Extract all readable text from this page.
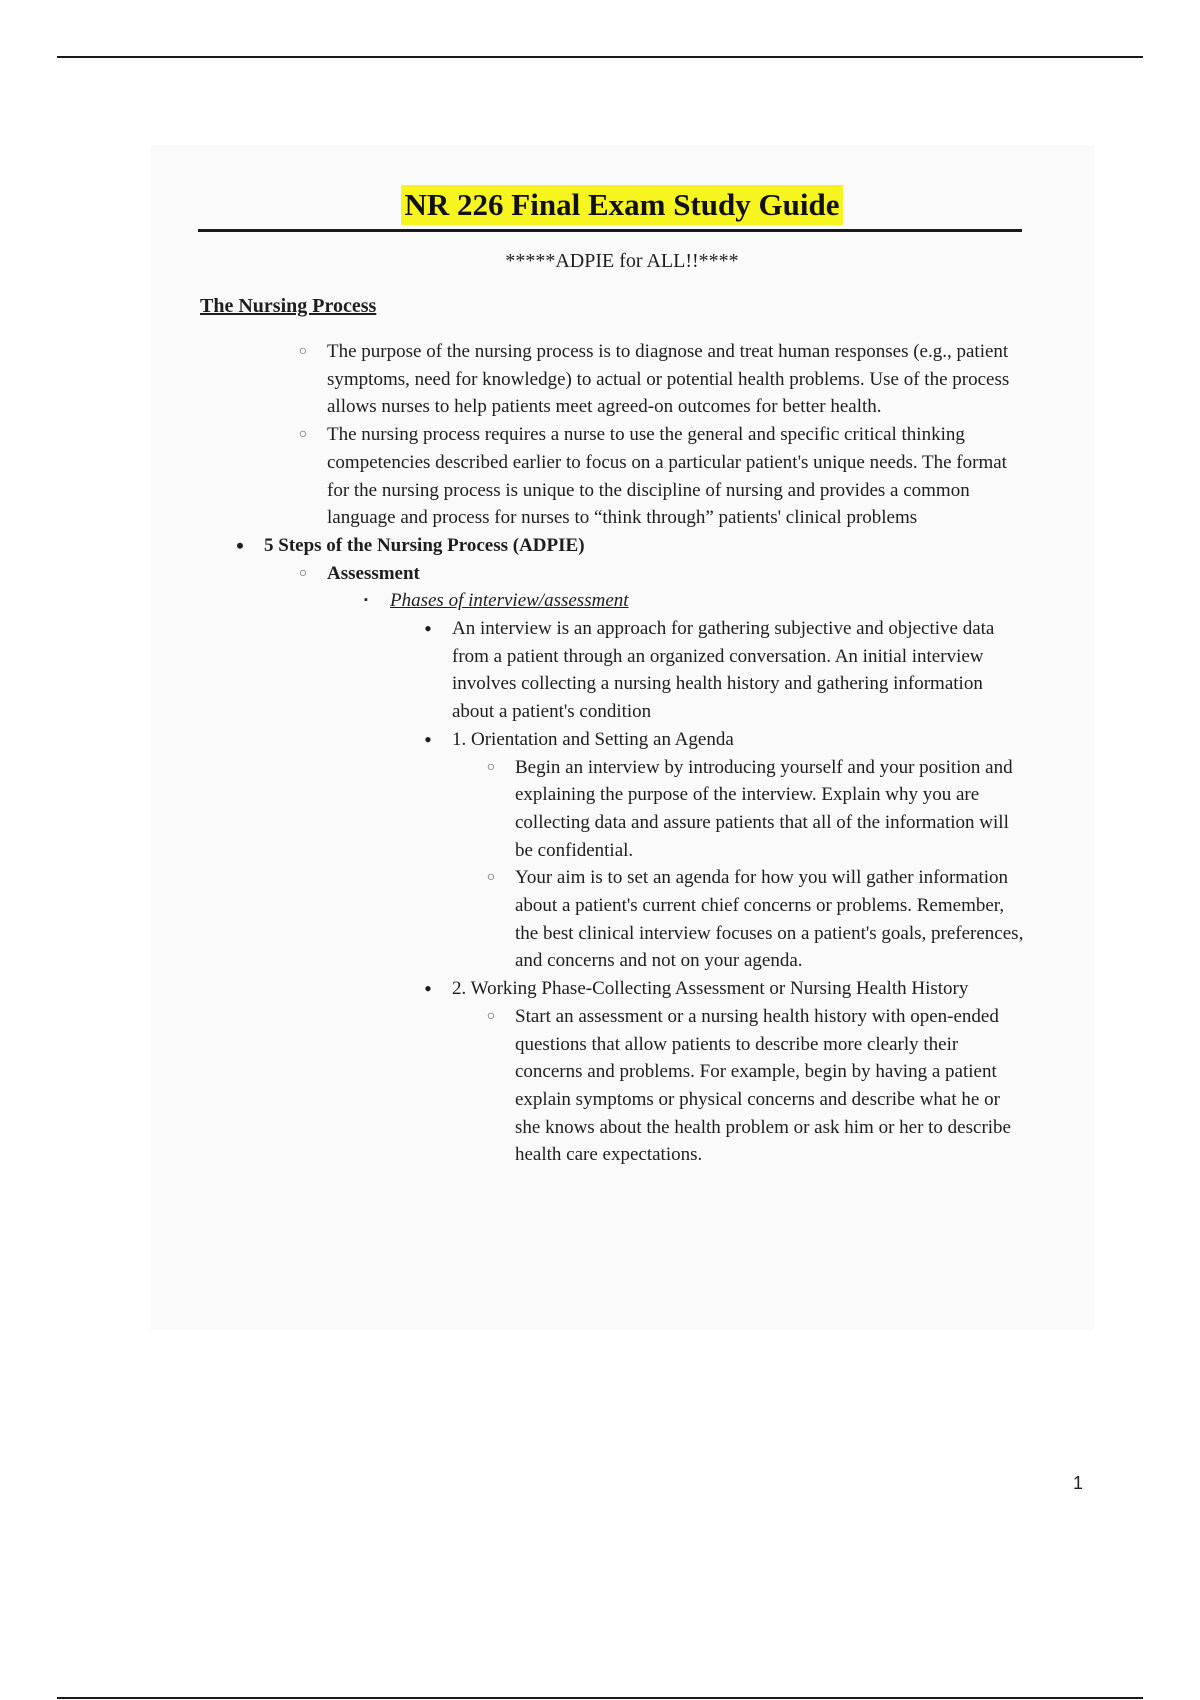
NR 226 Final Exam Study Guide
*****ADPIE for ALL!!****
The Nursing Process
○	The purpose of the nursing process is to diagnose and treat human responses (e.g., patient symptoms, need for knowledge) to actual or potential health problems. Use of the process allows nurses to help patients meet agreed-on outcomes for better health.
○	The nursing process requires a nurse to use the general and specific critical thinking competencies described earlier to focus on a particular patient's unique needs. The format for the nursing process is unique to the discipline of nursing and provides a common language and process for nurses to “think through” patients' clinical problems
•	5 Steps of the Nursing Process (ADPIE)
○	Assessment
▪	Phases of interview/assessment
•	An interview is an approach for gathering subjective and objective data from a patient through an organized conversation. An initial interview involves collecting a nursing health history and gathering information about a patient's condition
•	1. Orientation and Setting an Agenda
○	Begin an interview by introducing yourself and your position and explaining the purpose of the interview. Explain why you are collecting data and assure patients that all of the information will be confidential.
○	Your aim is to set an agenda for how you will gather information about a patient's current chief concerns or problems. Remember, the best clinical interview focuses on a patient's goals, preferences, and concerns and not on your agenda.
•	2. Working Phase-Collecting Assessment or Nursing Health History
○	Start an assessment or a nursing health history with open-ended questions that allow patients to describe more clearly their concerns and problems. For example, begin by having a patient explain symptoms or physical concerns and describe what he or she knows about the health problem or ask him or her to describe health care expectations.
1
